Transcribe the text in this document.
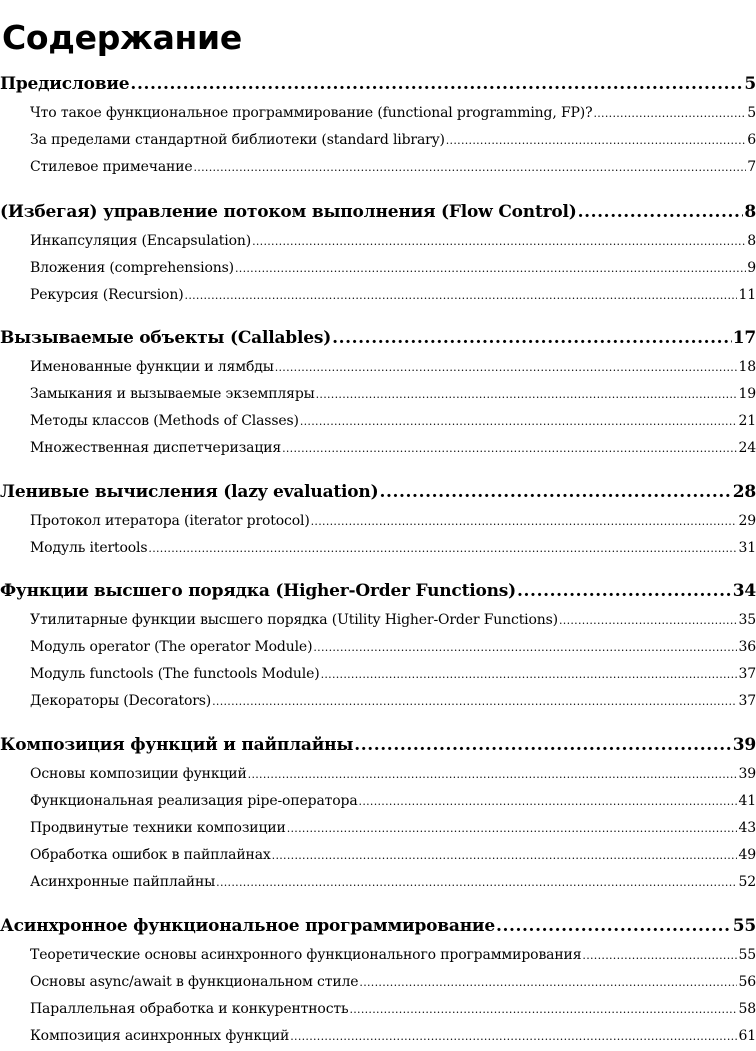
Содержание
Предисловие .....	5
Что такое функциональное программирование (functional programming, FP)? .....	5
За пределами стандартной библиотеки (standard library) .....	6
Стилевое примечание .....	7
(Избегая) управление потоком выполнения (Flow Control) .....	8
Инкапсуляция (Encapsulation) .....	8
Вложения (comprehensions) .....	9
Рекурсия (Recursion) .....	11
Вызываемые объекты (Callables) .....	17
Именованные функции и лямбды .....	18
Замыкания и вызываемые экземпляры .....	19
Методы классов (Methods of Classes) .....	21
Множественная диспетчеризация .....	24
Ленивые вычисления (lazy evaluation) .....	28
Протокол итератора (iterator protocol) .....	29
Модуль itertools .....	31
Функции высшего порядка (Higher-Order Functions) .....	34
Утилитарные функции высшего порядка (Utility Higher-Order Functions) .....	35
Модуль operator (The operator Module) .....	36
Модуль functools (The functools Module) .....	37
Декораторы (Decorators) .....	37
Композиция функций и пайплайны .....	39
Основы композиции функций .....	39
Функциональная реализация pipe-оператора .....	41
Продвинутые техники композиции .....	43
Обработка ошибок в пайплайнах .....	49
Асинхронные пайплайны .....	52
Асинхронное функциональное программирование .....	55
Теоретические основы асинхронного функционального программирования .....	55
Основы async/await в функциональном стиле .....	56
Параллельная обработка и конкурентность .....	58
Композиция асинхронных функций .....	61
